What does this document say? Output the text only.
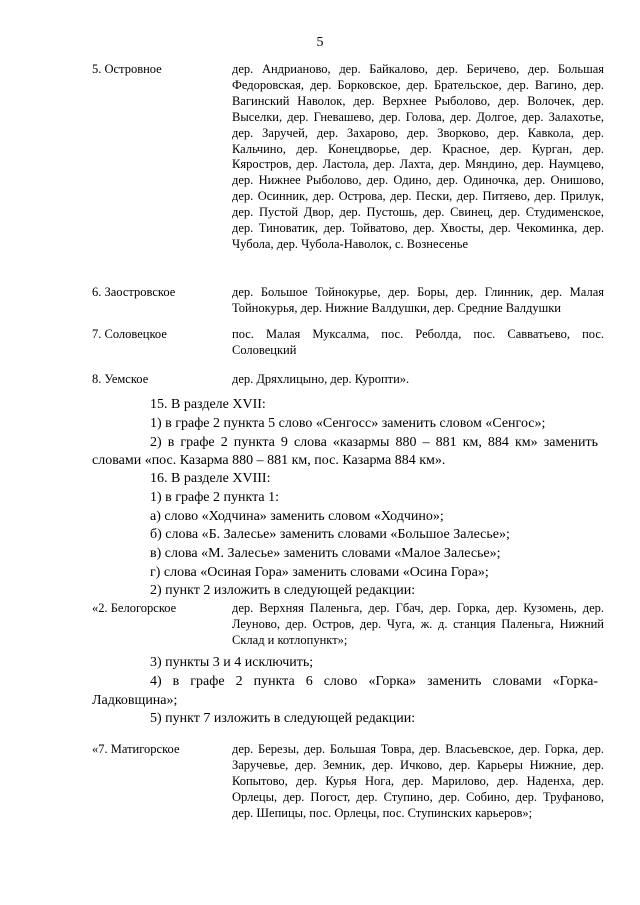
5
5. Островное	дер. Андрианово, дер. Байкалово, дер. Беричево, дер. Большая Федоровская, дер. Борковское, дер. Брательское, дер. Вагино, дер. Вагинский Наволок, дер. Верхнее Рыболово, дер. Волочек, дер. Выселки, дер. Гневашево, дер. Голова, дер. Долгое, дер. Залахотье, дер. Заручей, дер. Захарово, дер. Зворково, дер. Кавкола, дер. Кальчино, дер. Конецдворье, дер. Красное, дер. Курган, дер. Кяростров, дер. Ластола, дер. Лахта, дер. Мяндино, дер. Наумцево, дер. Нижнее Рыболово, дер. Одино, дер. Одиночка, дер. Онишово, дер. Осинник, дер. Острова, дер. Пески, дер. Питяево, дер. Прилук, дер. Пустой Двор, дер. Пустошь, дер. Свинец, дер. Студименское, дер. Тиноватик, дер. Тойватово, дер. Хвосты, дер. Чекоминка, дер. Чубола, дер. Чубола-Наволок, с. Вознесенье
6. Заостровское	дер. Большое Тойнокурье, дер. Боры, дер. Глинник, дер. Малая Тойнокурья, дер. Нижние Валдушки, дер. Средние Валдушки
7. Соловецкое	пос. Малая Муксалма, пос. Реболда, пос. Савватьево, пос. Соловецкий
8. Уемское	дер. Дряхлицыно, дер. Куропти».
15. В разделе XVII:
1) в графе 2 пункта 5 слово «Сенгосс» заменить словом «Сенгос»;
2) в графе 2 пункта 9 слова «казармы 880 – 881 км, 884 км» заменить
словами «пос. Казарма 880 – 881 км, пос. Казарма 884 км».
16. В разделе XVIII:
1) в графе 2 пункта 1:
а) слово «Ходчина» заменить словом «Ходчино»;
б) слова «Б. Залесье» заменить словами «Большое Залесье»;
в) слова «М. Залесье» заменить словами «Малое Залесье»;
г) слова «Осиная Гора» заменить словами «Осина Гора»;
2) пункт 2 изложить в следующей редакции:
«2. Белогорское	дер. Верхняя Паленьга, дер. Гбач, дер. Горка, дер. Кузомень, дер. Леуново, дер. Остров, дер. Чуга, ж. д. станция Паленьга, Нижний Склад и котлопункт»;
3) пункты 3 и 4 исключить;
4) в графе 2 пункта 6 слово «Горка» заменить словами «Горка-
Ладковщина»;
5) пункт 7 изложить в следующей редакции:
«7. Матигорское	дер. Березы, дер. Большая Товра, дер. Власьевское, дер. Горка, дер. Заручевье, дер. Земник, дер. Ичково, дер. Карьеры Нижние, дер. Копытово, дер. Курья Нога, дер. Марилово, дер. Наденха, дер. Орлецы, дер. Погост, дер. Ступино, дер. Собино, дер. Труфаново, дер. Шепицы, пос. Орлецы, пос. Ступинских карьеров»;
